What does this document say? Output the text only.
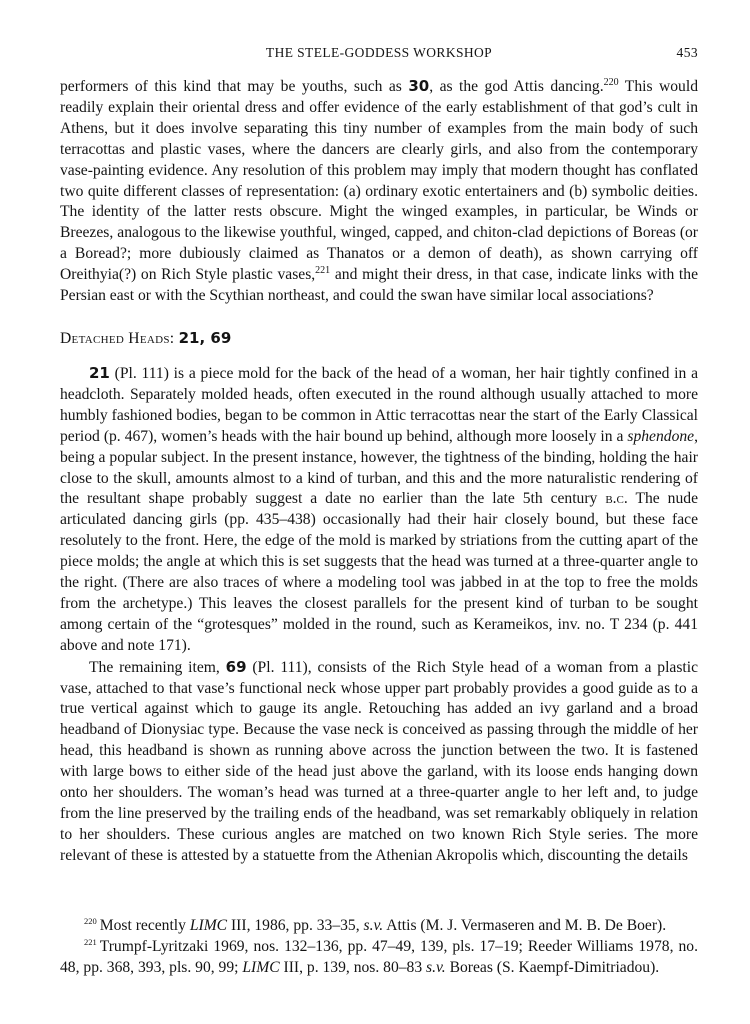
THE STELE-GODDESS WORKSHOP	453

performers of this kind that may be youths, such as 30, as the god Attis dancing.$^{220}$ This would readily explain their oriental dress and offer evidence of the early establishment of that god’s cult in Athens, but it does involve separating this tiny number of examples from the main body of such terracottas and plastic vases, where the dancers are clearly girls, and also from the contemporary vase-painting evidence. Any resolution of this problem may imply that modern thought has conflated two quite different classes of representation: (a) ordinary exotic entertainers and (b) symbolic deities. The identity of the latter rests obscure. Might the winged examples, in particular, be Winds or Breezes, analogous to the likewise youthful, winged, capped, and chiton-clad depictions of Boreas (or a Boread?; more dubiously claimed as Thanatos or a demon of death), as shown carrying off Oreithyia(?) on Rich Style plastic vases,$^{221}$ and might their dress, in that case, indicate links with the Persian east or with the Scythian northeast, and could the swan have similar local associations?

Detached Heads: 21, 69

21 (Pl. 111) is a piece mold for the back of the head of a woman, her hair tightly confined in a headcloth. Separately molded heads, often executed in the round although usually attached to more humbly fashioned bodies, began to be common in Attic terracottas near the start of the Early Classical period (p. 467), women’s heads with the hair bound up behind, although more loosely in a sphendone, being a popular subject. In the present instance, however, the tightness of the binding, holding the hair close to the skull, amounts almost to a kind of turban, and this and the more naturalistic rendering of the resultant shape probably suggest a date no earlier than the late 5th century b.c. The nude articulated dancing girls (pp. 435–438) occasionally had their hair closely bound, but these face resolutely to the front. Here, the edge of the mold is marked by striations from the cutting apart of the piece molds; the angle at which this is set suggests that the head was turned at a three-quarter angle to the right. (There are also traces of where a modeling tool was jabbed in at the top to free the molds from the archetype.) This leaves the closest parallels for the present kind of turban to be sought among certain of the “grotesques” molded in the round, such as Kerameikos, inv. no. T 234 (p. 441 above and note 171).

The remaining item, 69 (Pl. 111), consists of the Rich Style head of a woman from a plastic vase, attached to that vase’s functional neck whose upper part probably provides a good guide as to a true vertical against which to gauge its angle. Retouching has added an ivy garland and a broad headband of Dionysiac type. Because the vase neck is conceived as passing through the middle of her head, this headband is shown as running above across the junction between the two. It is fastened with large bows to either side of the head just above the garland, with its loose ends hanging down onto her shoulders. The woman’s head was turned at a three-quarter angle to her left and, to judge from the line preserved by the trailing ends of the headband, was set remarkably obliquely in relation to her shoulders. These curious angles are matched on two known Rich Style series. The more relevant of these is attested by a statuette from the Athenian Akropolis which, discounting the details

$^{220}$ Most recently LIMC III, 1986, pp. 33–35, s.v. Attis (M. J. Vermaseren and M. B. De Boer).

$^{221}$ Trumpf-Lyritzaki 1969, nos. 132–136, pp. 47–49, 139, pls. 17–19; Reeder Williams 1978, no. 48, pp. 368, 393, pls. 90, 99; LIMC III, p. 139, nos. 80–83 s.v. Boreas (S. Kaempf-Dimitriadou).
